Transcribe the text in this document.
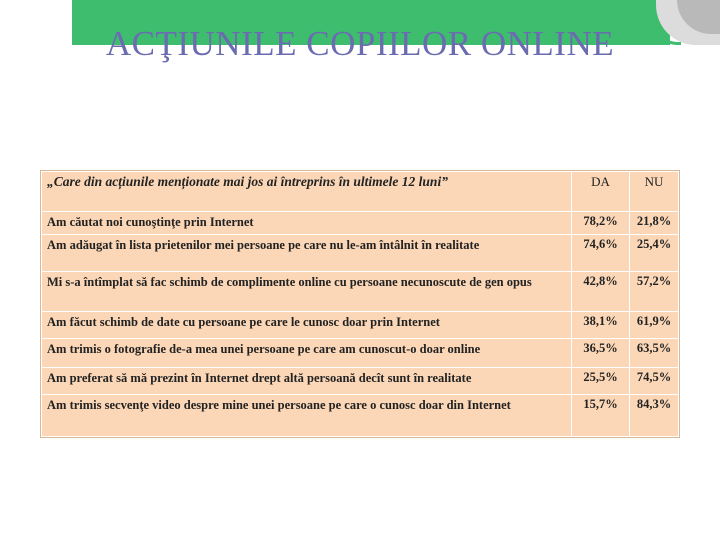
ACŢIUNILE COPIILOR ONLINE
„Care din acțiunile menționate mai jos ai întreprins în ultimele 12 luni”	DA	NU
Am căutat noi cunoştinţe prin Internet	78,2%	21,8%
Am adăugat în lista prietenilor mei persoane pe care nu le-am întâlnit în realitate	74,6%	25,4%
Mi s-a întîmplat să fac schimb de complimente online cu persoane necunoscute de gen opus	42,8%	57,2%
Am făcut schimb de date cu persoane pe care le cunosc doar prin Internet	38,1%	61,9%
Am trimis o fotografie de-a mea unei persoane pe care am cunoscut-o doar online	36,5%	63,5%
Am preferat să mă prezint în Internet drept altă persoană decît sunt în realitate	25,5%	74,5%
Am trimis secvenţe video despre mine unei persoane pe care o cunosc doar din Internet	15,7%	84,3%
